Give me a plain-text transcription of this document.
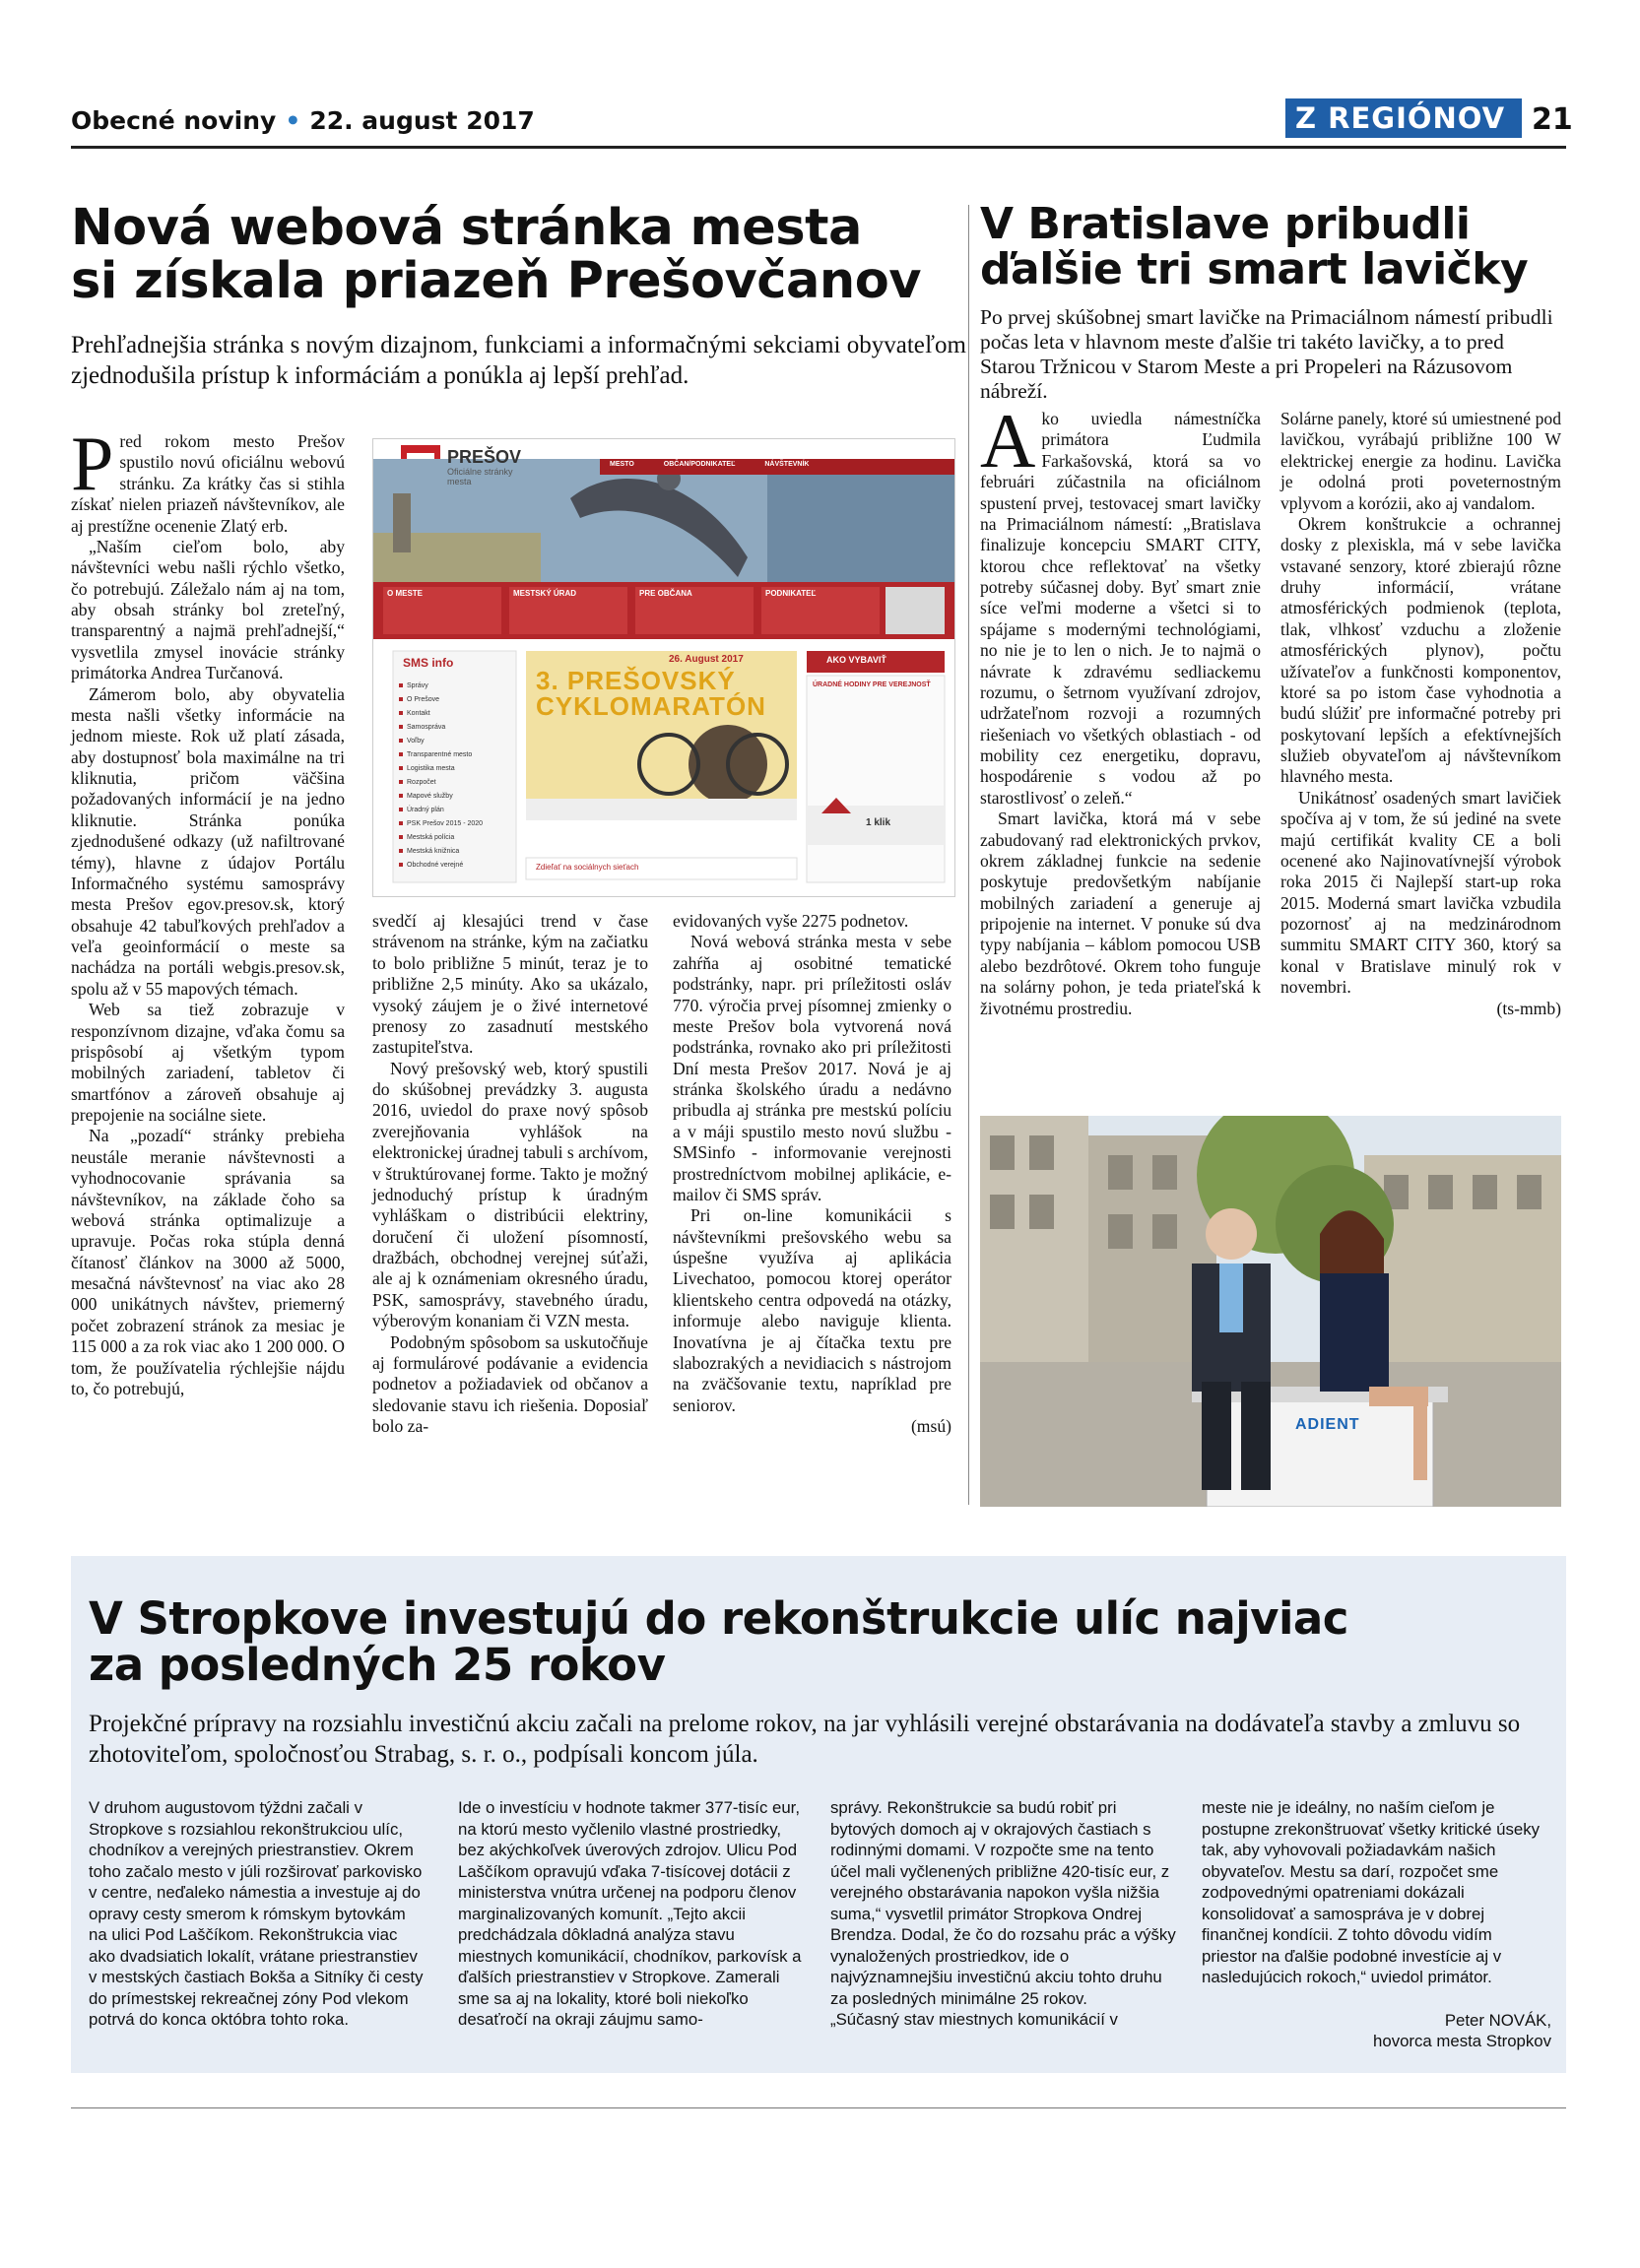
Obecné noviny • 22. august 2017	Z REGIÓNOV 21
Nová webová stránka mesta
si získala priazeň Prešovčanov
Prehľadnejšia stránka s novým dizajnom, funkciami a informačnými sekciami obyvateľom zjednodušila prístup k informáciám a ponúkla aj lepší prehľad.

Pred rokom mesto Prešov spustilo novú oficiálnu webovú stránku. Za krátky čas si stihla získať nielen priazeň návštevníkov, ale aj prestížne ocenenie Zlatý erb.

„Naším cieľom bolo, aby návštevníci webu našli rýchlo všetko, čo potrebujú. Záležalo nám aj na tom, aby obsah stránky bol zreteľný, transparentný a najmä prehľadnejší,“ vysvetlila zmysel inovácie stránky primátorka Andrea Turčanová.

Zámerom bolo, aby obyvatelia mesta našli všetky informácie na jednom mieste. Rok už platí zásada, aby dostupnosť bola maximálne na tri kliknutia, pričom väčšina požadovaných informácií je na jedno kliknutie. Stránka ponúka zjednodušené odkazy (už nafiltrované témy), hlavne z údajov Portálu Informačného systému samosprávy mesta Prešov egov.presov.sk, ktorý obsahuje 42 tabuľkových prehľadov a veľa geoinformácií o meste sa nachádza na portáli webgis.presov.sk, spolu až v 55 mapových témach.

Web sa tiež zobrazuje v responzívnom dizajne, vďaka čomu sa prispôsobí aj všetkým typom mobilných zariadení, tabletov či smartfónov a zároveň obsahuje aj prepojenie na sociálne siete.

Na „pozadí“ stránky prebieha neustále meranie návštevnosti a vyhodnocovanie správania sa návštevníkov, na základe čoho sa webová stránka optimalizuje a upravuje. Počas roka stúpla denná čítanosť článkov na 3000 až 5000, mesačná návštevnosť na viac ako 28 000 unikátnych návštev, priemerný počet zobrazení stránok za mesiac je 115 000 a za rok viac ako 1 200 000. O tom, že používatelia rýchlejšie nájdu to, čo potrebujú,

PREŠOV
Oficiálne stránky mesta
MESTO	OBČAN/PODNIKATEĽ	NÁVŠTEVNÍK
O MESTE	MESTSKÝ ÚRAD	PRE OBČANA	PODNIKATEĽ
SMS info
Správy
O Prešove
Kontakt
Samospráva
Voľby
Transparentné mesto
Logistika mesta
Rozpočet
Mapové služby
Úradný plán
PSK Prešov 2015 - 2020
Mestská polícia
Mestská knižnica
Obchodné verejné
26. August 2017
3. PREŠOVSKÝ
CYKLOMARATÓN
AKO VYBAVIŤ
ÚRADNÉ HODINY PRE VEREJNOSŤ
1 klik
Zdieľať na sociálnych sieťach

svedčí aj klesajúci trend v čase strávenom na stránke, kým na začiatku to bolo približne 5 minút, teraz je to približne 2,5 minúty. Ako sa ukázalo, vysoký záujem je o živé internetové prenosy zo zasadnutí mestského zastupiteľstva.

Nový prešovský web, ktorý spustili do skúšobnej prevádzky 3. augusta 2016, uviedol do praxe nový spôsob zverejňovania vyhlášok na elektronickej úradnej tabuli s archívom, v štruktúrovanej forme. Takto je možný jednoduchý prístup k úradným vyhláškam o distribúcii elektriny, doručení či uložení písomností, dražbách, obchodnej verejnej súťaži, ale aj k oznámeniam okresného úradu, PSK, samosprávy, stavebného úradu, výberovým konaniam či VZN mesta.

Podobným spôsobom sa uskutočňuje aj formulárové podávanie a evidencia podnetov a požiadaviek od občanov a sledovanie stavu ich riešenia. Doposiaľ bolo za-

evidovaných vyše 2275 podnetov.

Nová webová stránka mesta v sebe zahŕňa aj osobitné tematické podstránky, napr. pri príležitosti osláv 770. výročia prvej písomnej zmienky o meste Prešov bola vytvorená nová podstránka, rovnako ako pri príležitosti Dní mesta Prešov 2017. Nová je aj stránka školského úradu a nedávno pribudla aj stránka pre mestskú políciu a v máji spustilo mesto novú službu - SMSinfo - informovanie verejnosti prostredníctvom mobilnej aplikácie, e-mailov či SMS správ.

Pri on-line komunikácii s návštevníkmi prešovského webu sa úspešne využíva aj aplikácia Livechatoo, pomocou ktorej operátor klientskeho centra odpovedá na otázky, informuje alebo naviguje klienta. Inovatívna je aj čítačka textu pre slabozrakých a nevidiacich s nástrojom na zväčšovanie textu, napríklad pre seniorov.

(msú)
V Bratislave pribudli
ďalšie tri smart lavičky
Po prvej skúšobnej smart lavičke na Primaciálnom námestí pribudli počas leta v hlavnom meste ďalšie tri takéto lavičky, a to pred Starou Tržnicou v Starom Meste a pri Propeleri na Rázusovom nábreží.

Ako uviedla námestníčka primátora Ľudmila Farkašovská, ktorá sa vo februári zúčastnila na oficiálnom spustení prvej, testovacej smart lavičky na Primaciálnom námestí: „Bratislava finalizuje koncepciu SMART CITY, ktorou chce reflektovať na všetky potreby súčasnej doby. Byť smart znie síce veľmi moderne a všetci si to spájame s modernými technológiami, no nie je to len o nich. Je to najmä o návrate k zdravému sedliackemu rozumu, o šetrnom využívaní zdrojov, udržateľnom rozvoji a rozumných riešeniach vo všetkých oblastiach - od mobility cez energetiku, dopravu, hospodárenie s vodou až po starostlivosť o zeleň.“

Smart lavička, ktorá má v sebe zabudovaný rad elektronických prvkov, okrem základnej funkcie na sedenie poskytuje predovšetkým nabíjanie mobilných zariadení a generuje aj pripojenie na internet. V ponuke sú dva typy nabíjania – káblom pomocou USB alebo bezdrôtové. Okrem toho funguje na solárny pohon, je teda priateľská k životnému prostrediu.

Solárne panely, ktoré sú umiestnené pod lavičkou, vyrábajú približne 100 W elektrickej energie za hodinu. Lavička je odolná proti poveternostným vplyvom a korózii, ako aj vandalom.

Okrem konštrukcie a ochrannej dosky z plexiskla, má v sebe lavička vstavané senzory, ktoré zbierajú rôzne druhy informácií, vrátane atmosférických podmienok (teplota, tlak, vlhkosť vzduchu a zloženie atmosférických plynov), počtu užívateľov a funkčnosti komponentov, ktoré sa po istom čase vyhodnotia a budú slúžiť pre informačné potreby pri poskytovaní lepších a efektívnejších služieb obyvateľom aj návštevníkom hlavného mesta.

Unikátnosť osadených smart lavičiek spočíva aj v tom, že sú jediné na svete majú certifikát kvality CE a boli ocenené ako Najinovatívnejší výrobok roka 2015 či Najlepší start-up roka 2015. Moderná smart lavička vzbudila pozornosť aj na medzinárodnom summitu SMART CITY 360, ktorý sa konal v Bratislave minulý rok v novembri.

(ts-mmb)
ADIENT
V Stropkove investujú do rekonštrukcie ulíc najviac
za posledných 25 rokov
Projekčné prípravy na rozsiahlu investičnú akciu začali na prelome rokov, na jar vyhlásili verejné obstarávania na dodávateľa stavby a zmluvu so zhotoviteľom, spoločnosťou Strabag, s. r. o., podpísali koncom júla.

V druhom augustovom týždni začali v Stropkove s rozsiahlou rekonštrukciou ulíc, chodníkov a verejných priestranstiev. Okrem toho začalo mesto v júli rozširovať parkovisko v centre, neďaleko námestia a investuje aj do opravy cesty smerom k rómskym bytovkám na ulici Pod Laščíkom. Rekonštrukcia viac ako dvadsiatich lokalít, vrátane priestranstiev v mestských častiach Bokša a Sitníky či cesty do prímestskej rekreačnej zóny Pod vlekom potrvá do konca októbra tohto roka.

Ide o investíciu v hodnote takmer 377-tisíc eur, na ktorú mesto vyčlenilo vlastné prostriedky, bez akýchkoľvek úverových zdrojov. Ulicu Pod Laščíkom opravujú vďaka 7-tisícovej dotácii z ministerstva vnútra určenej na podporu členov marginalizovaných komunít. „Tejto akcii predchádzala dôkladná analýza stavu miestnych komunikácií, chodníkov, parkovísk a ďalších priestranstiev v Stropkove. Zamerali sme sa aj na lokality, ktoré boli niekoľko desaťročí na okraji záujmu samo-

správy. Rekonštrukcie sa budú robiť pri bytových domoch aj v okrajových častiach s rodinnými domami. V rozpočte sme na tento účel mali vyčlenených približne 420-tisíc eur, z verejného obstarávania napokon vyšla nižšia suma,“ vysvetlil primátor Stropkova Ondrej Brendza. Dodal, že čo do rozsahu prác a výšky vynaložených prostriedkov, ide o najvýznamnejšiu investičnú akciu tohto druhu za posledných minimálne 25 rokov.
„Súčasný stav miestnych komunikácií v

meste nie je ideálny, no naším cieľom je postupne zrekonštruovať všetky kritické úseky tak, aby vyhovovali požiadavkám našich obyvateľov. Mestu sa darí, rozpočet sme zodpovednými opatreniami dokázali konsolidovať a samospráva je v dobrej finančnej kondícii. Z tohto dôvodu vidím priestor na ďalšie podobné investície aj v nasledujúcich rokoch,“ uviedol primátor.

Peter NOVÁK,
hovorca mesta Stropkov
